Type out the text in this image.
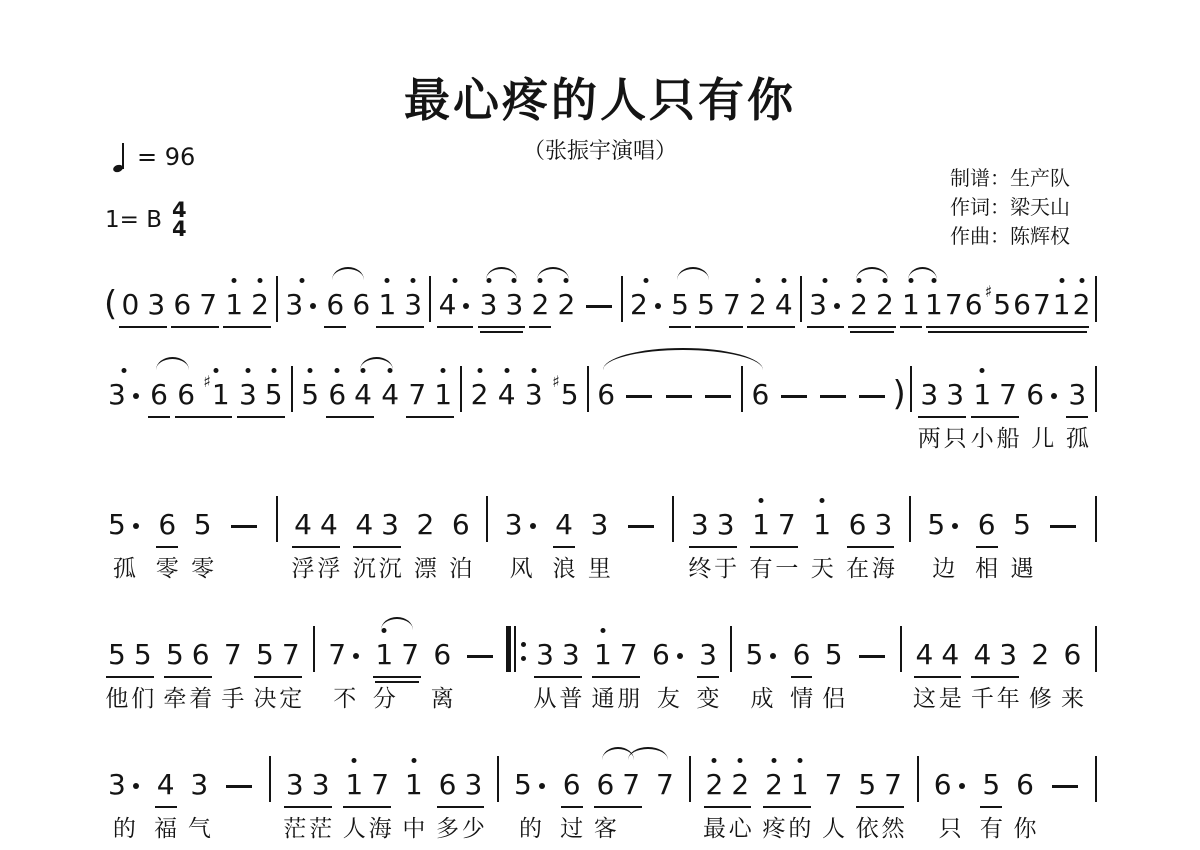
最心疼的人只有你
（张振宇演唱）
= 96
1= B 4
4
制谱：生产队
作词：梁天山
作曲：陈辉权
( 0 3 6 7 1 2 3 6 6 1 3 4 3 3 2 2 2 5 5 7 2 4 3 2 2 1 1 7 6 ♯ 5 6 7 1 2
3 6 6 ♯ 1 3 5 5 6 4 4 7 1 2 4 3 ♯ 5 6	6	) 3
两
3
只
1
小
7
船
6
儿
3
孤
5
孤
6
零
5
零
4
浮
4
浮
4
沉
3
沉
2
漂
6
泊
3
风
4
浪
3
里
3
终
3
于
1
有
7
一
1
天
6
在
3
海
5
边
6
相
5
遇
5
他
5
们
5
牵
6
着
7
手
5
决
7
定
7
不
1
分
7 6
离
3
从
3
普
1
通
7
朋
6
友
3
变
5
成
6
情
5
侣
4
这
4
是
4
千
3
年
2
修
6
来
3
的
4
福
3
气
3
茫
3
茫
1
人
7
海
1
中
6
多
3
少
5
的
6
过
6
客
7 7 2
最
2
心
2
疼
1
的
7
人
5
依
7
然
6
只
5
有
6
你
